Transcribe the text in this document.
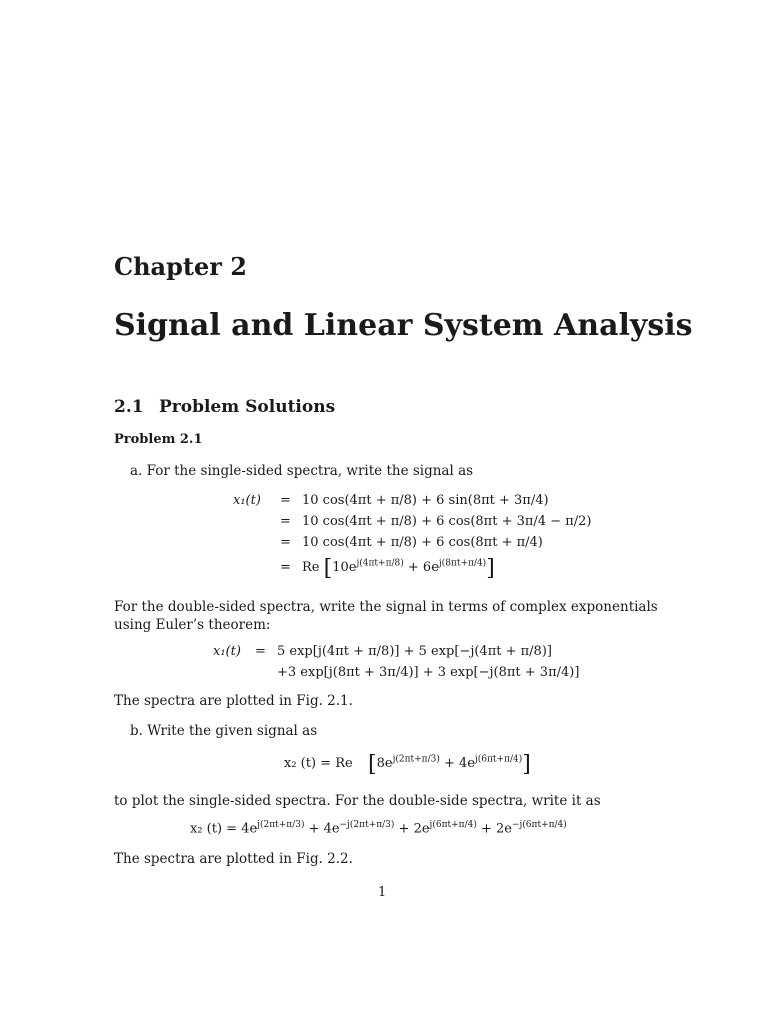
Chapter 2
Signal and Linear System Analysis
2.1 Problem Solutions
Problem 2.1
a. For the single-sided spectra, write the signal as
x₁(t) = 10 cos(4πt + π/8) + 6 sin(8πt + 3π/4)
= 10 cos(4πt + π/8) + 6 cos(8πt + 3π/4 − π/2)
= 10 cos(4πt + π/8) + 6 cos(8πt + π/4)
= Re $[10e^{j(4\pi t+\pi/8)} + 6e^{j(8\pi t+\pi/4)}]$
For the double-sided spectra, write the signal in terms of complex exponentials using Euler’s theorem:
x₁(t) = 5 exp[j(4πt + π/8)] + 5 exp[−j(4πt + π/8)]
+3 exp[j(8πt + 3π/4)] + 3 exp[−j(8πt + 3π/4)]
The spectra are plotted in Fig. 2.1.
b. Write the given signal as
x₂ (t) = Re $[8e^{j(2\pi t+\pi/3)} + 4e^{j(6\pi t+\pi/4)}]$
to plot the single-sided spectra. For the double-side spectra, write it as
x₂ $(t) = 4e^{j(2\pi t+\pi/3)} + 4e^{-j(2\pi t+\pi/3)} + 2e^{j(6\pi t+\pi/4)} + 2e^{-j(6\pi t+\pi/4)}$
The spectra are plotted in Fig. 2.2.
1
